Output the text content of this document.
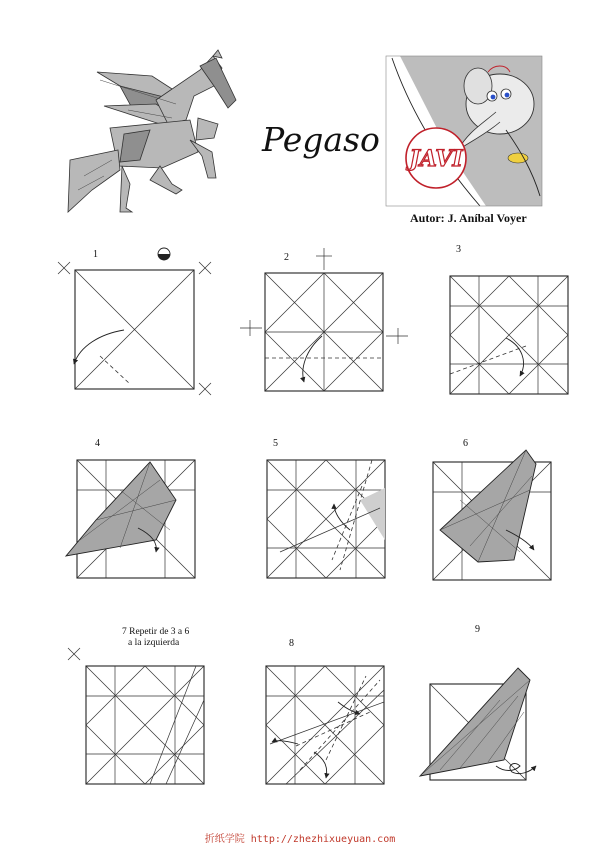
Pegaso JAVI
Autor: J. Aníbal Voyer
1	2
3
4	5	6
7 Repetir de 3 a 6
a la izquierda	8
9
折纸学院 http://zhezhixueyuan.com
